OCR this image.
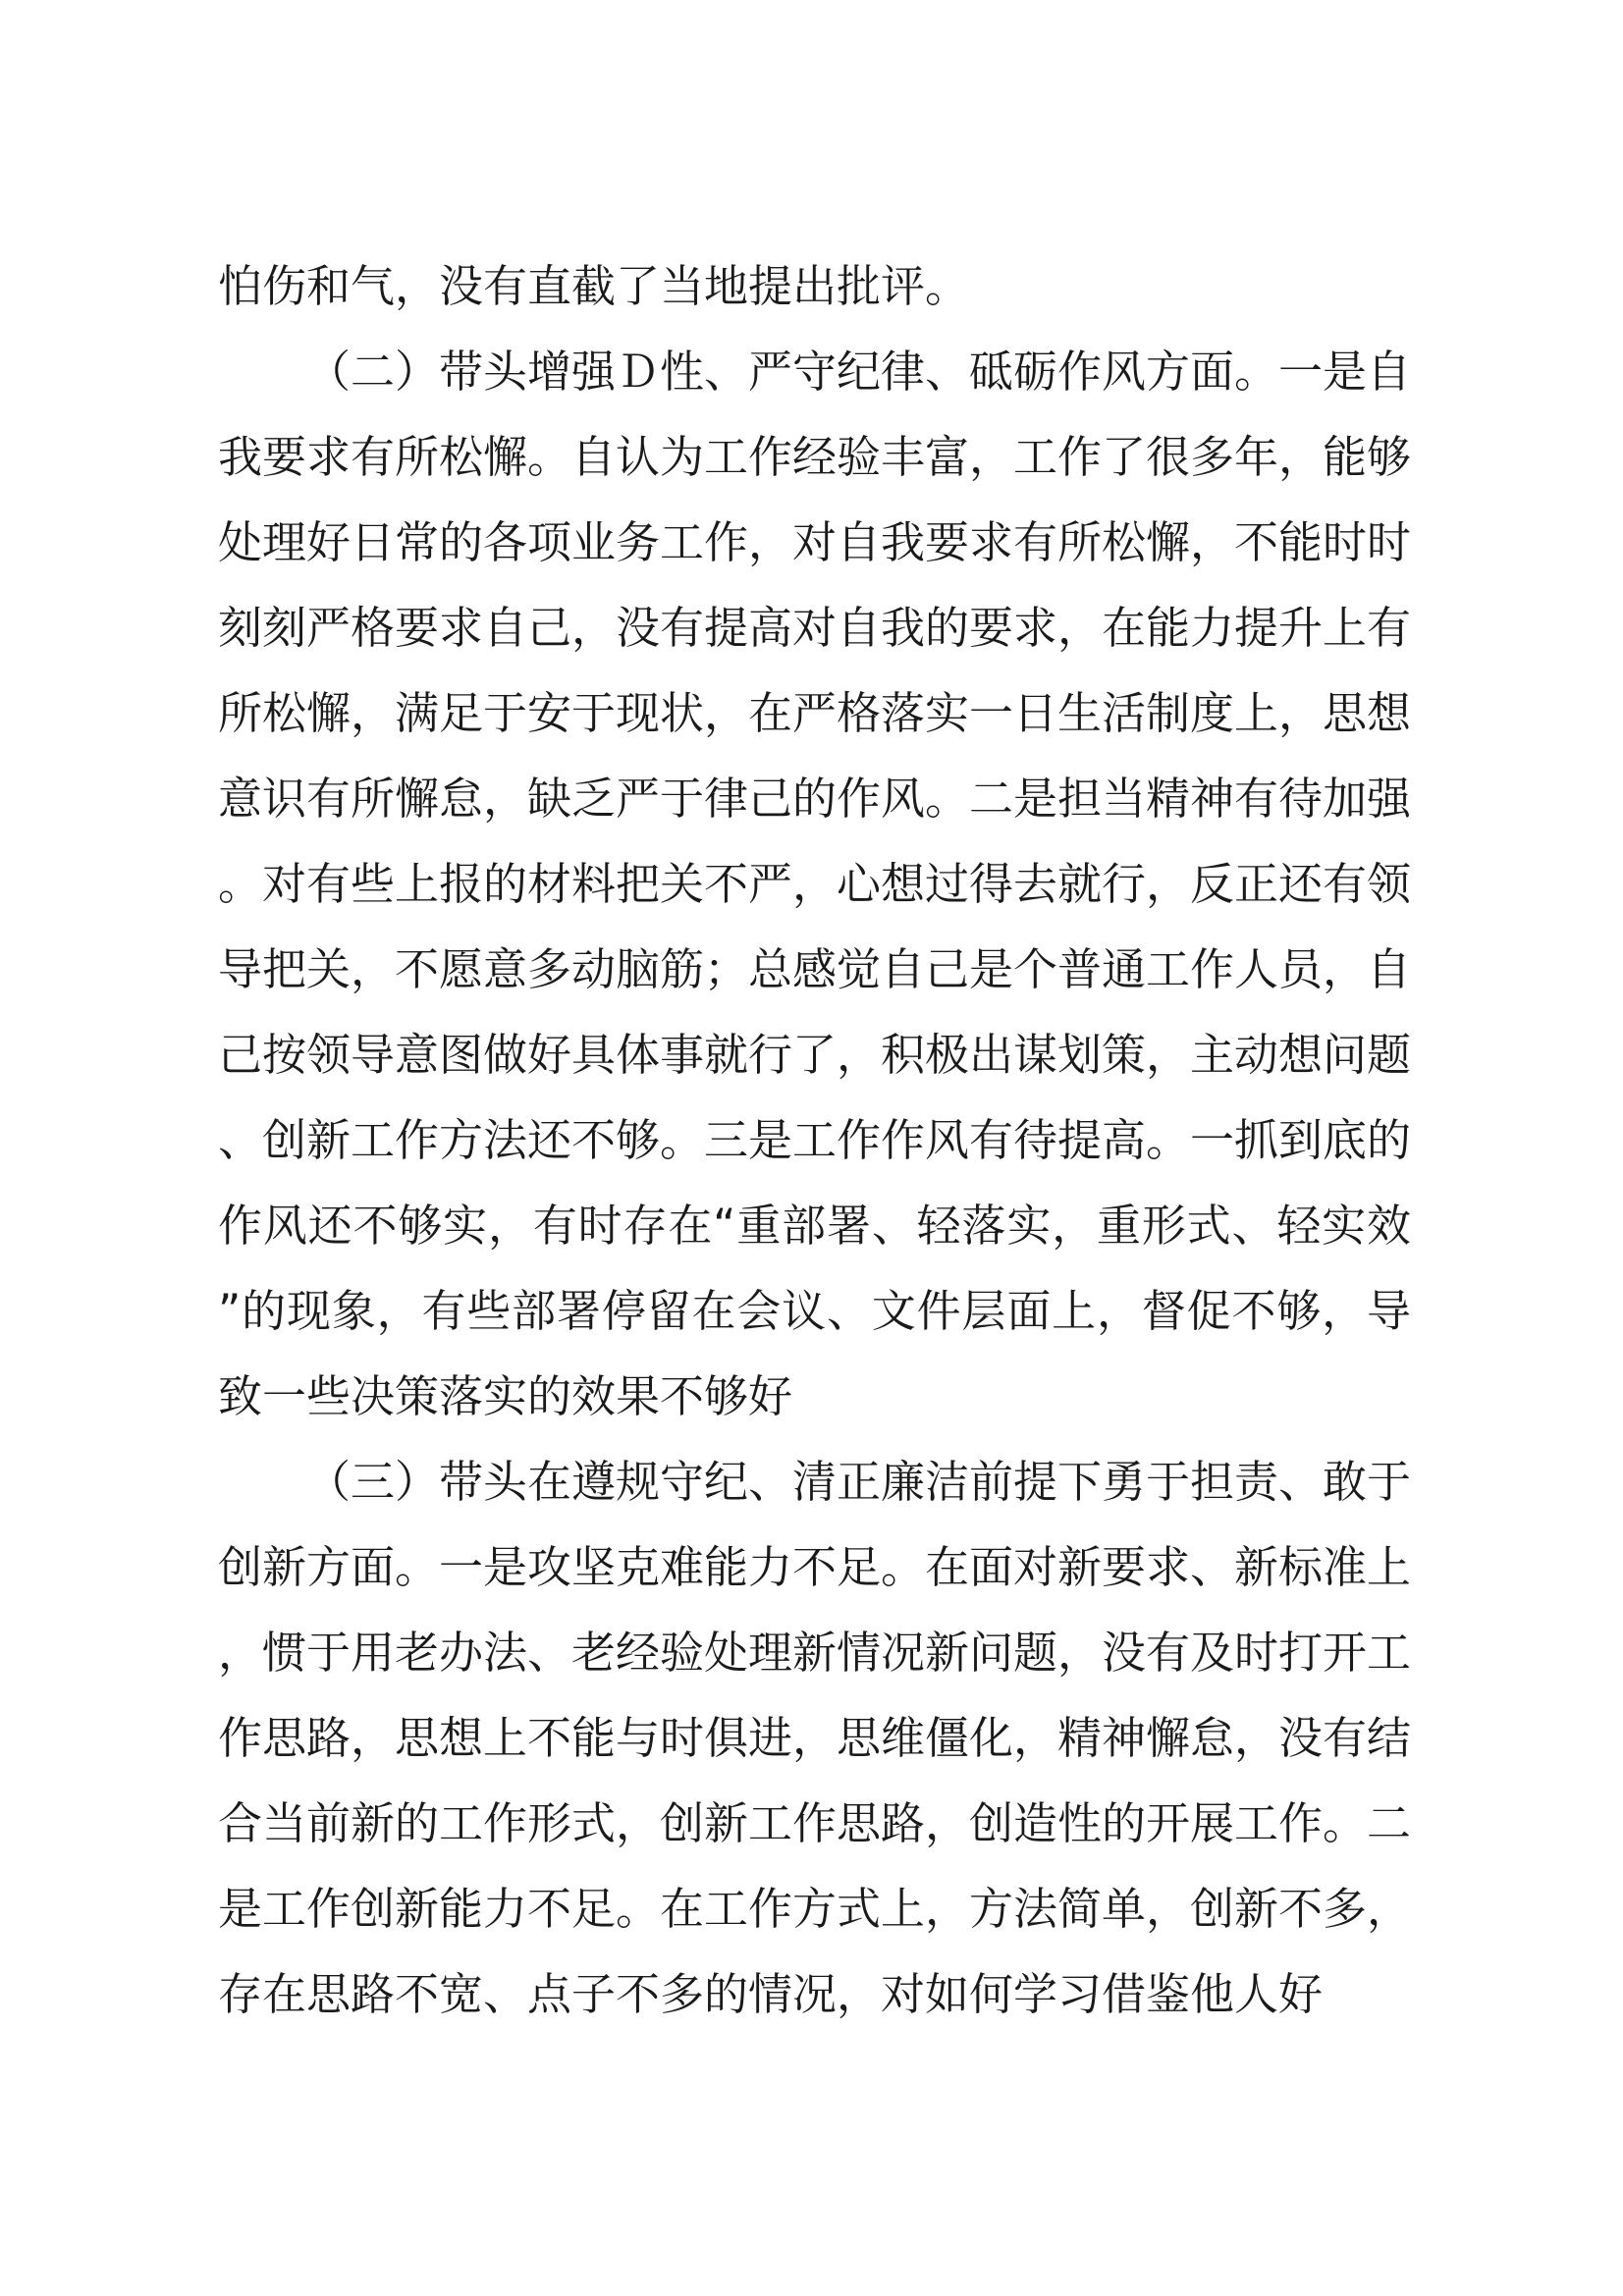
怕伤和气，没有直截了当地提出批评。

（二）带头增强Ｄ性、严守纪律、砥砺作风方面。一是自我要求有所松懈。自认为工作经验丰富，工作了很多年，能够处理好日常的各项业务工作，对自我要求有所松懈，不能时时刻刻严格要求自己，没有提高对自我的要求，在能力提升上有所松懈，满足于安于现状，在严格落实一日生活制度上，思想意识有所懈怠，缺乏严于律己的作风。二是担当精神有待加强。对有些上报的材料把关不严，心想过得去就行，反正还有领导把关，不愿意多动脑筋；总感觉自己是个普通工作人员，自己按领导意图做好具体事就行了，积极出谋划策，主动想问题、创新工作方法还不够。三是工作作风有待提高。一抓到底的作风还不够实，有时存在“重部署、轻落实，重形式、轻实效”的现象，有些部署停留在会议、文件层面上，督促不够，导致一些决策落实的效果不够好

（三）带头在遵规守纪、清正廉洁前提下勇于担责、敢于创新方面。一是攻坚克难能力不足。在面对新要求、新标准上，惯于用老办法、老经验处理新情况新问题，没有及时打开工作思路，思想上不能与时俱进，思维僵化，精神懈怠，没有结合当前新的工作形式，创新工作思路，创造性的开展工作。二是工作创新能力不足。在工作方式上，方法简单，创新不多，存在思路不宽、点子不多的情况，对如何学习借鉴他人好
